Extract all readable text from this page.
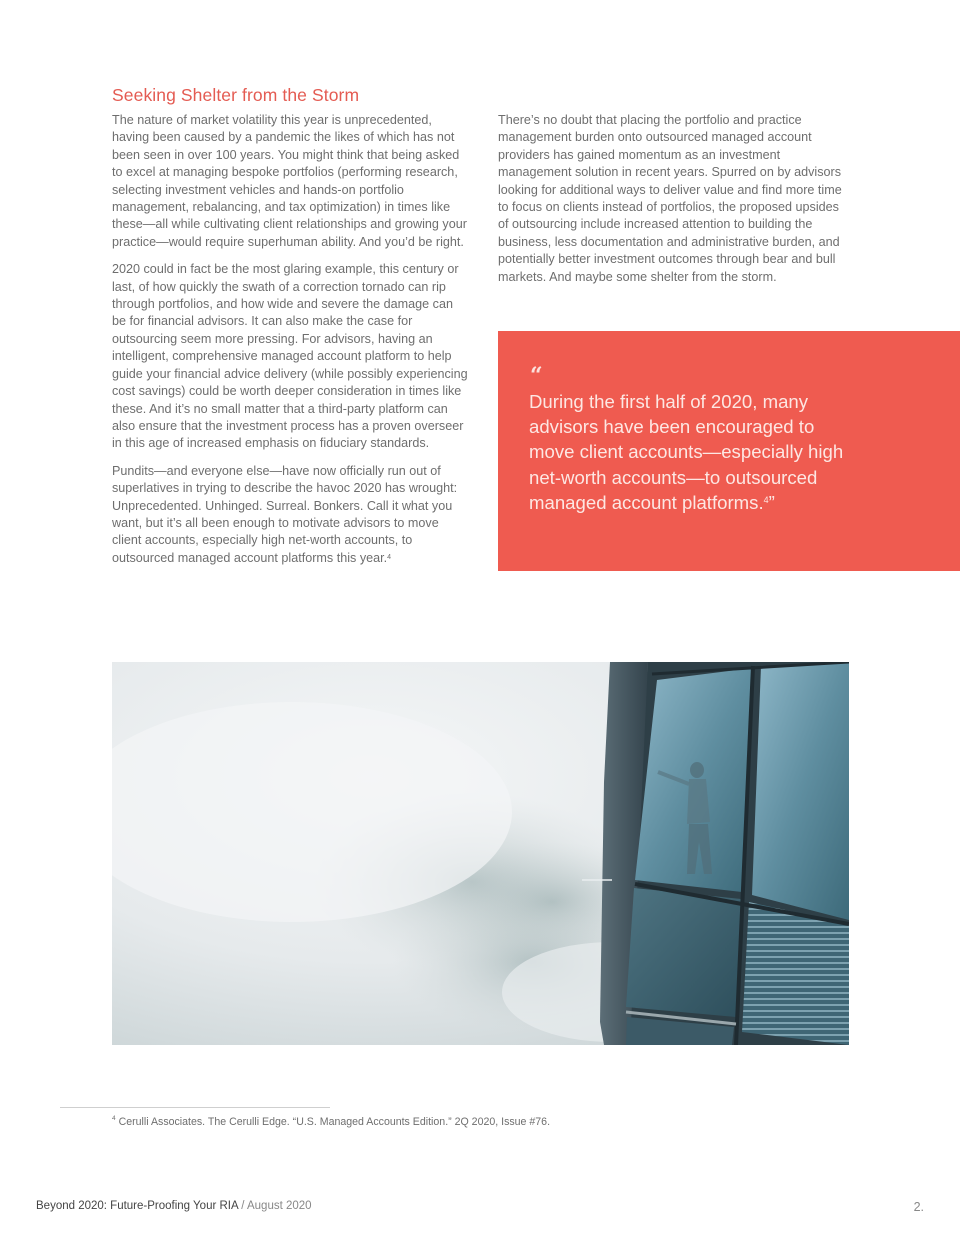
Seeking Shelter from the Storm

The nature of market volatility this year is unprecedented, having been caused by a pandemic the likes of which has not been seen in over 100 years. You might think that being asked to excel at managing bespoke portfolios (performing research, selecting investment vehicles and hands-on portfolio management, rebalancing, and tax optimization) in times like these—all while cultivating client relationships and growing your practice—would require superhuman ability. And you’d be right.

2020 could in fact be the most glaring example, this century or last, of how quickly the swath of a correction tornado can rip through portfolios, and how wide and severe the damage can be for financial advisors. It can also make the case for outsourcing seem more pressing. For advisors, having an intelligent, comprehensive managed account platform to help guide your financial advice delivery (while possibly experiencing cost savings) could be worth deeper consideration in times like these. And it’s no small matter that a third-party platform can also ensure that the investment process has a proven overseer in this age of increased emphasis on fiduciary standards.

Pundits—and everyone else—have now officially run out of superlatives in trying to describe the havoc 2020 has wrought: Unprecedented. Unhinged. Surreal. Bonkers. Call it what you want, but it’s all been enough to motivate advisors to move client accounts, especially high net-worth accounts, to outsourced managed account platforms this year.$^4$

There’s no doubt that placing the portfolio and practice management burden onto outsourced managed account providers has gained momentum as an investment management solution in recent years. Spurred on by advisors looking for additional ways to deliver value and find more time to focus on clients instead of portfolios, the proposed upsides of outsourcing include increased attention to building the business, less documentation and administrative burden, and potentially better investment outcomes through bear and bull markets. And maybe some shelter from the storm.

“
During the first half of 2020, many advisors have been encouraged to move client accounts—especially high net-worth accounts—to outsourced managed account platforms.$^4$”
$^4$ Cerulli Associates. The Cerulli Edge. “U.S. Managed Accounts Edition.” 2Q 2020, Issue #76.
Beyond 2020: Future-Proofing Your RIA / August 2020	2.
